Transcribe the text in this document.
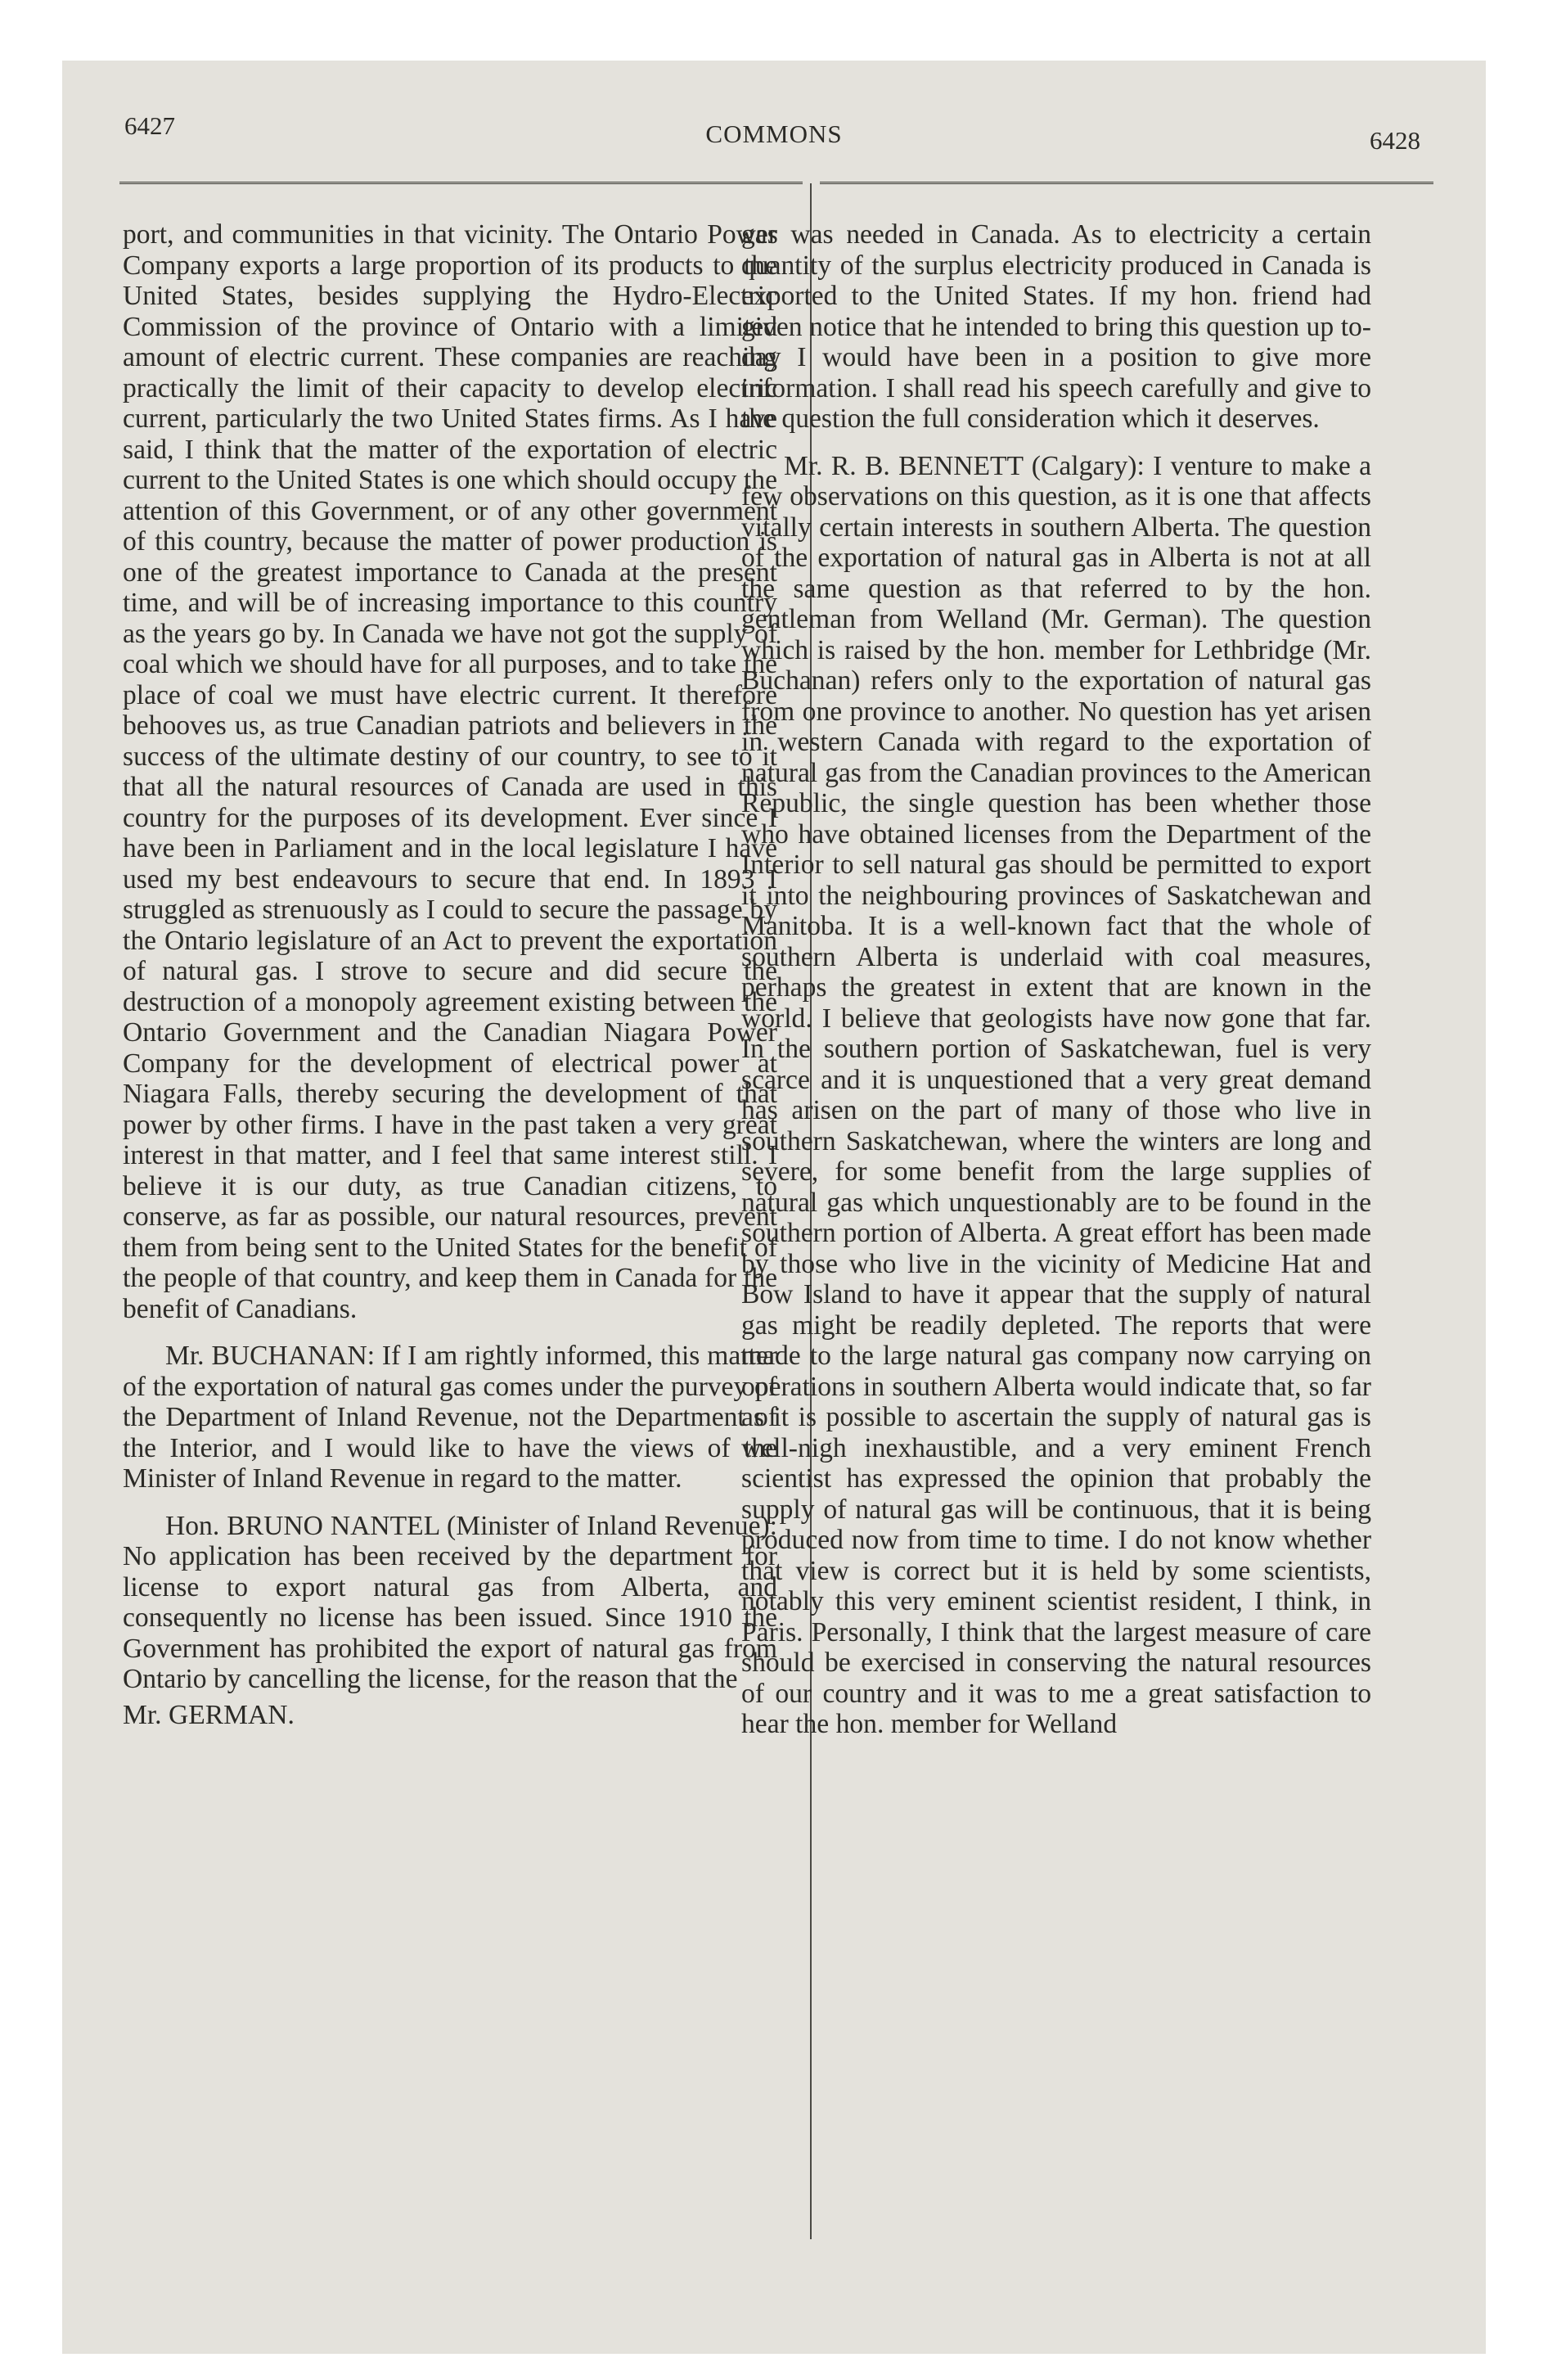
6427	COMMONS	6428

port, and communities in that vicinity. The Ontario Power Company exports a large proportion of its products to the United States, besides supplying the Hydro-Electric Commission of the province of Ontario with a limited amount of electric current. These companies are reaching practically the limit of their capacity to develop electric current, particularly the two United States firms. As I have said, I think that the matter of the exportation of electric current to the United States is one which should occupy the attention of this Government, or of any other government of this country, because the matter of power production is one of the greatest importance to Canada at the present time, and will be of increasing importance to this country as the years go by. In Canada we have not got the supply of coal which we should have for all purposes, and to take the place of coal we must have electric current. It therefore behooves us, as true Canadian patriots and believers in the success of the ultimate destiny of our country, to see to it that all the natural resources of Canada are used in this country for the purposes of its development. Ever since I have been in Parliament and in the local legislature I have used my best endeavours to secure that end. In 1893 I struggled as strenuously as I could to secure the passage by the Ontario legislature of an Act to prevent the exportation of natural gas. I strove to secure and did secure the destruction of a monopoly agreement existing between the Ontario Government and the Canadian Niagara Power Company for the development of electrical power at Niagara Falls, thereby securing the development of that power by other firms. I have in the past taken a very great interest in that matter, and I feel that same interest still. I believe it is our duty, as true Canadian citizens, to conserve, as far as possible, our natural resources, prevent them from being sent to the United States for the benefit of the people of that country, and keep them in Canada for the benefit of Canadians.

Mr. BUCHANAN: If I am rightly informed, this matter of the exportation of natural gas comes under the purvey of the Department of Inland Revenue, not the Department of the Interior, and I would like to have the views of the Minister of Inland Revenue in regard to the matter.

Hon. BRUNO NANTEL (Minister of Inland Revenue): No application has been received by the department for license to export natural gas from Alberta, and consequently no license has been issued. Since 1910 the Government has prohibited the export of natural gas from Ontario by cancelling the license, for the reason that the

Mr. GERMAN.

gas was needed in Canada. As to electricity a certain quantity of the surplus electricity produced in Canada is exported to the United States. If my hon. friend had given notice that he intended to bring this question up to-day I would have been in a position to give more information. I shall read his speech carefully and give to the question the full consideration which it deserves.

Mr. R. B. BENNETT (Calgary): I venture to make a few observations on this question, as it is one that affects vitally certain interests in southern Alberta. The question of the exportation of natural gas in Alberta is not at all the same question as that referred to by the hon. gentleman from Welland (Mr. German). The question which is raised by the hon. member for Lethbridge (Mr. Buchanan) refers only to the exportation of natural gas from one province to another. No question has yet arisen in western Canada with regard to the exportation of natural gas from the Canadian provinces to the American Republic, the single question has been whether those who have obtained licenses from the Department of the Interior to sell natural gas should be permitted to export it into the neighbouring provinces of Saskatchewan and Manitoba. It is a well-known fact that the whole of southern Alberta is underlaid with coal measures, perhaps the greatest in extent that are known in the world. I believe that geologists have now gone that far. In the southern portion of Saskatchewan, fuel is very scarce and it is unquestioned that a very great demand has arisen on the part of many of those who live in southern Saskatchewan, where the winters are long and severe, for some benefit from the large supplies of natural gas which unquestionably are to be found in the southern portion of Alberta. A great effort has been made by those who live in the vicinity of Medicine Hat and Bow Island to have it appear that the supply of natural gas might be readily depleted. The reports that were made to the large natural gas company now carrying on operations in southern Alberta would indicate that, so far as it is possible to ascertain the supply of natural gas is well-nigh inexhaustible, and a very eminent French scientist has expressed the opinion that probably the supply of natural gas will be continuous, that it is being produced now from time to time. I do not know whether that view is correct but it is held by some scientists, notably this very eminent scientist resident, I think, in Paris. Personally, I think that the largest measure of care should be exercised in conserving the natural resources of our country and it was to me a great satisfaction to hear the hon. member for Welland
